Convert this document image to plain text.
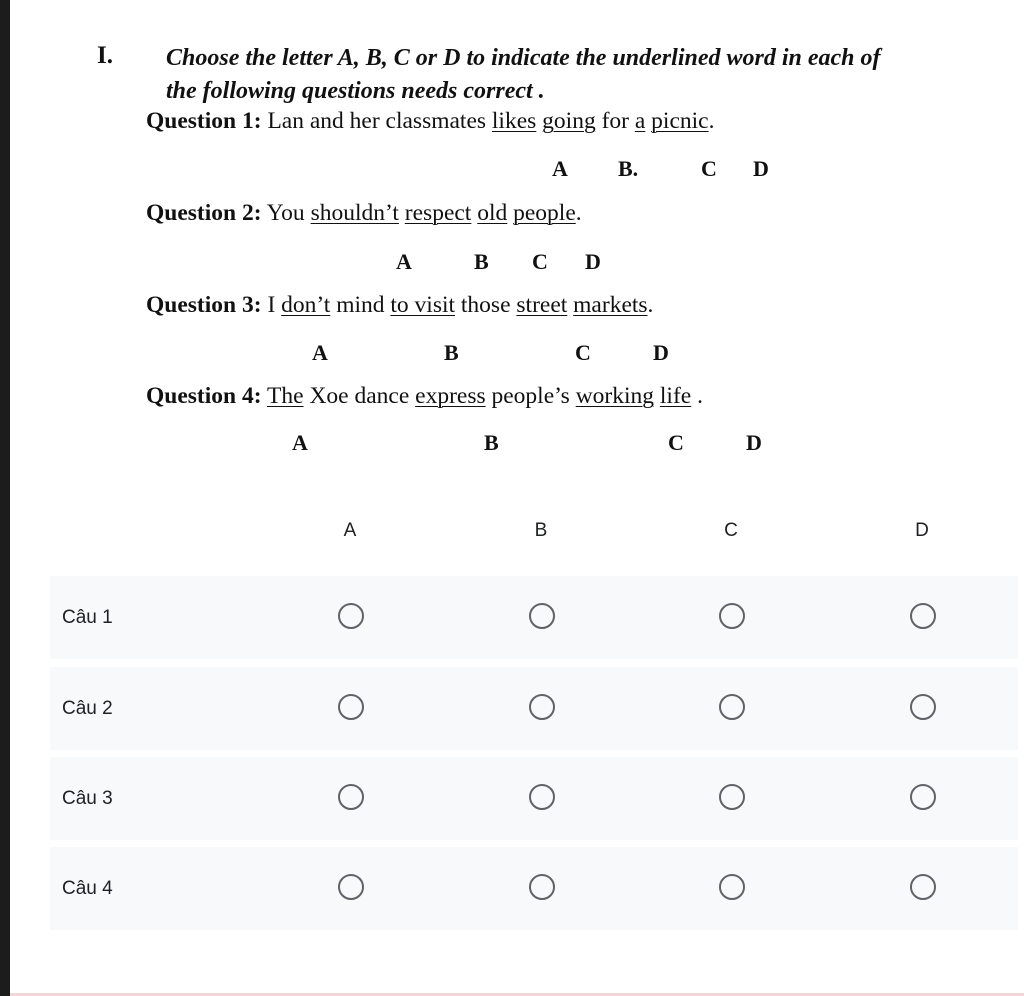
I. Choose the letter A, B, C or D to indicate the underlined word in each of
the following questions needs correct .
Question 1: Lan and her classmates likes going for a picnic.
A B.	C D
Question 2: You shouldn’t respect old people.
A	B C D
Question 3: I don’t mind to visit those street markets.
A	B	C	D
Question 4: The Xoe dance express people’s working life .
A	B	C	D
A	B	C	D
Câu 1
Câu 2
Câu 3
Câu 4
